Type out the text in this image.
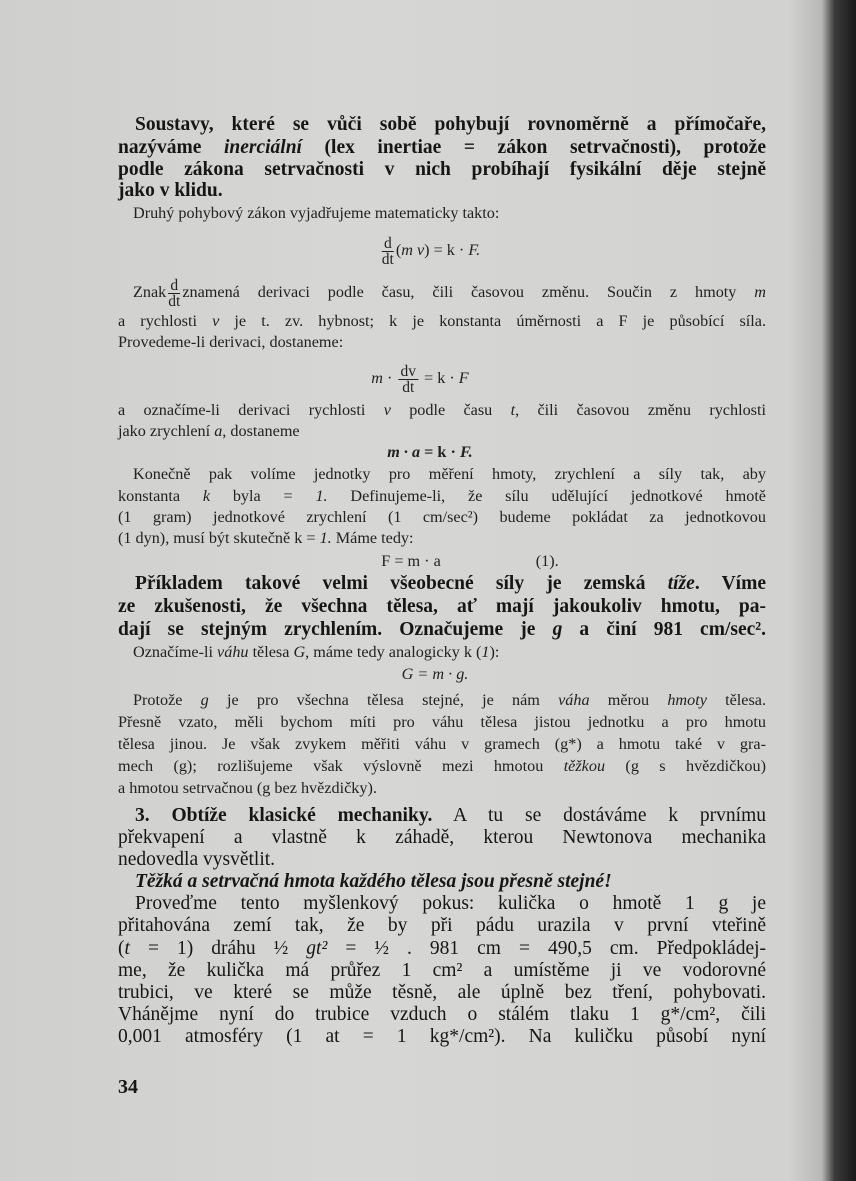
Soustavy, které se vůči sobě pohybují rovnoměrně a přímočaře,
nazýváme inerciální (lex inertiae = zákon setrvačnosti), protože
podle zákona setrvačnosti v nich probíhají fysikální děje stejně
jako v klidu.
Druhý pohybový zákon vyjadřujeme matematicky takto:
$\frac{d}{dt} (m$ v) = k · F.
Znak $\frac{d}{dt}$ znamená derivaci podle času, čili časovou změnu. Součin z hmoty m
a rychlosti v je t. zv. hybnost; k je konstanta úměrnosti a F je působící síla.
Provedeme-li derivaci, dostaneme:
$m \cdot \frac{dv}{dt} = k \cdot F$
a označíme-li derivaci rychlosti v podle času t, čili časovou změnu rychlosti
jako zrychlení a, dostaneme
m · a = k · F.
Konečně pak volíme jednotky pro měření hmoty, zrychlení a síly tak, aby
konstanta k byla = 1. Definujeme-li, že sílu udělující jednotkové hmotě
(1 gram) jednotkové zrychlení (1 cm/sec²) budeme pokládat za jednotkovou
(1 dyn), musí být skutečně k = 1. Máme tedy:
F = m · a	(1).
Příkladem takové velmi všeobecné síly je zemská tíže. Víme
ze zkušenosti, že všechna tělesa, ať mají jakoukoliv hmotu, pa-
dají se stejným zrychlením. Označujeme je g a činí 981 cm/sec².
Označíme-li váhu tělesa G, máme tedy analogicky k (1):
G = m · g.
Protože g je pro všechna tělesa stejné, je nám váha měrou hmoty tělesa.
Přesně vzato, měli bychom míti pro váhu tělesa jistou jednotku a pro hmotu
tělesa jinou. Je však zvykem měřiti váhu v gramech (g*) a hmotu také v gra-
mech (g); rozlišujeme však výslovně mezi hmotou těžkou (g s hvězdičkou)
a hmotou setrvačnou (g bez hvězdičky).
3. Obtíže klasické mechaniky. A tu se dostáváme k prvnímu
překvapení a vlastně k záhadě, kterou Newtonova mechanika
nedovedla vysvětlit.
Těžká a setrvačná hmota každého tělesa jsou přesně stejné!
Proveďme tento myšlenkový pokus: kulička o hmotě 1 g je
přitahována zemí tak, že by při pádu urazila v první vteřině
(t = 1) dráhu ½ gt² = ½ . 981 cm = 490,5 cm. Předpokládej-
me, že kulička má průřez 1 cm² a umístěme ji ve vodorovné
trubici, ve které se může těsně, ale úplně bez tření, pohybovati.
Vhánějme nyní do trubice vzduch o stálém tlaku 1 g*/cm², čili
0,001 atmosféry (1 at = 1 kg*/cm²). Na kuličku působí nyní
34
